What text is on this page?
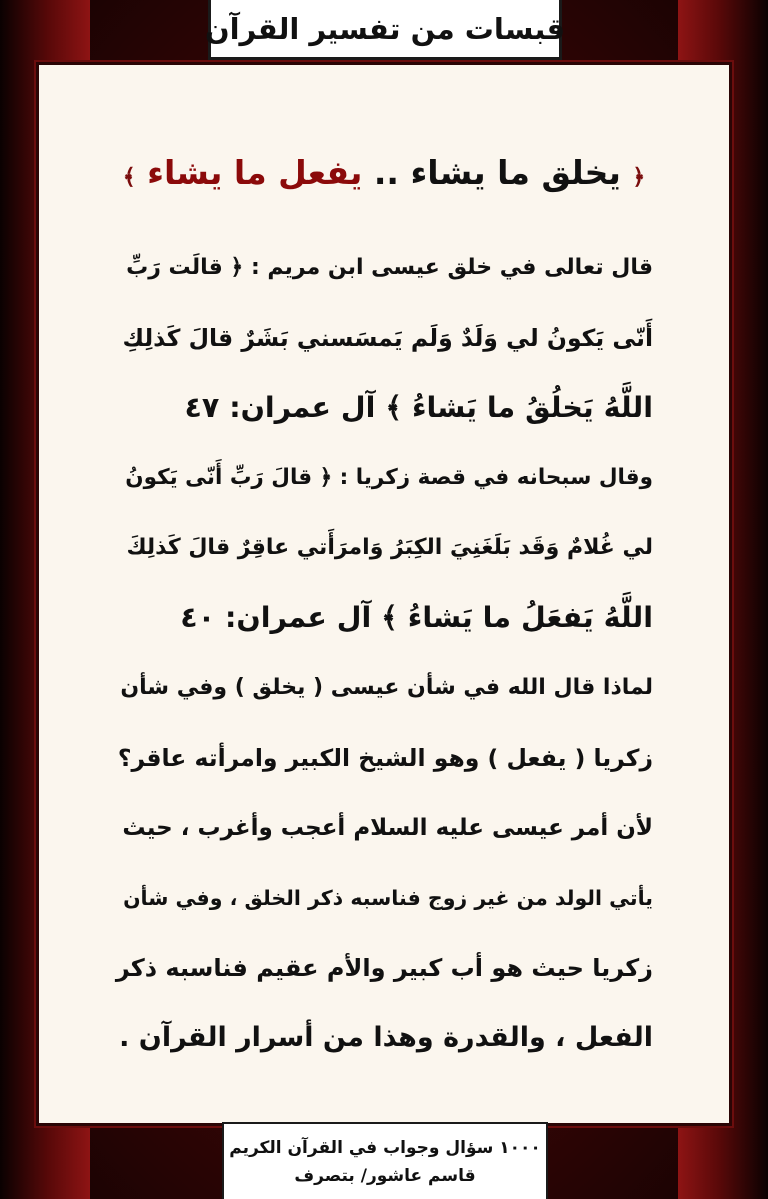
﴿ يخلق ما يشاء .. يفعل ما يشاء ﴾
قال تعالى في خلق عيسى ابن مريم : ﴿ قالَت رَبِّ
أَنّى يَكونُ لي وَلَدٌ وَلَم يَمسَسني بَشَرٌ قالَ كَذلِكِ
اللَّهُ يَخلُقُ ما يَشاءُ ﴾ آل عمران: ٤٧
وقال سبحانه في قصة زكريا : ﴿ قالَ رَبِّ أَنّى يَكونُ
لي غُلامٌ وَقَد بَلَغَنِيَ الكِبَرُ وَامرَأَتي عاقِرٌ قالَ كَذلِكَ
اللَّهُ يَفعَلُ ما يَشاءُ ﴾ آل عمران: ٤٠
لماذا قال الله في شأن عيسى ( يخلق ) وفي شأن
زكريا ( يفعل ) وهو الشيخ الكبير وامرأته عاقر؟
لأن أمر عيسى عليه السلام أعجب وأغرب ، حيث
يأتي الولد من غير زوج فناسبه ذكر الخلق ، وفي شأن
زكريا حيث هو أب كبير والأم عقيم فناسبه ذكر
الفعل ، والقدرة وهذا من أسرار القرآن .
قبسات من تفسير القرآن
١٠٠٠ سؤال وجواب في القرآن الكريم
قاسم عاشور/ بتصرف
